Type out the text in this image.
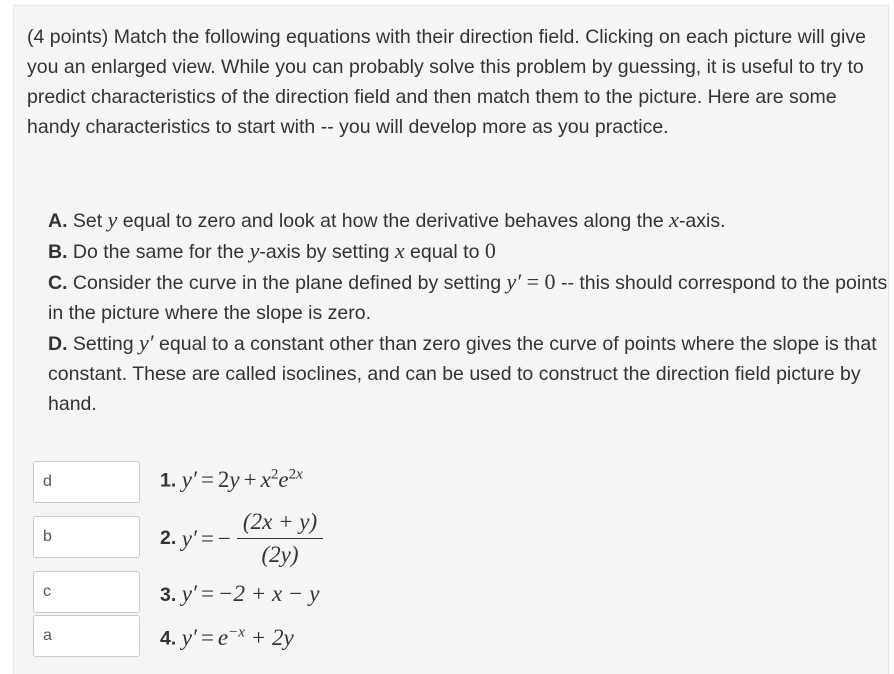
(4 points) Match the following equations with their direction field. Clicking on each picture will give you an enlarged view. While you can probably solve this problem by guessing, it is useful to try to predict characteristics of the direction field and then match them to the picture. Here are some handy characteristics to start with -- you will develop more as you practice.

A. Set y equal to zero and look at how the derivative behaves along the x-axis.

B. Do the same for the y-axis by setting x equal to 0

C. Consider the curve in the plane defined by setting y′ = 0 -- this should correspond to the points in the picture where the slope is zero.

D. Setting y′ equal to a constant other than zero gives the curve of points where the slope is that constant. These are called isoclines, and can be used to construct the direction field picture by hand.

d
b
c
a
1. $y' = 2y + x^2e^{2x}$
2. y′ = − $\frac{(2x + y)}{(2y)}$
3. y′ = −2 + x − y
4. $y' = e^{-x} + 2y$
